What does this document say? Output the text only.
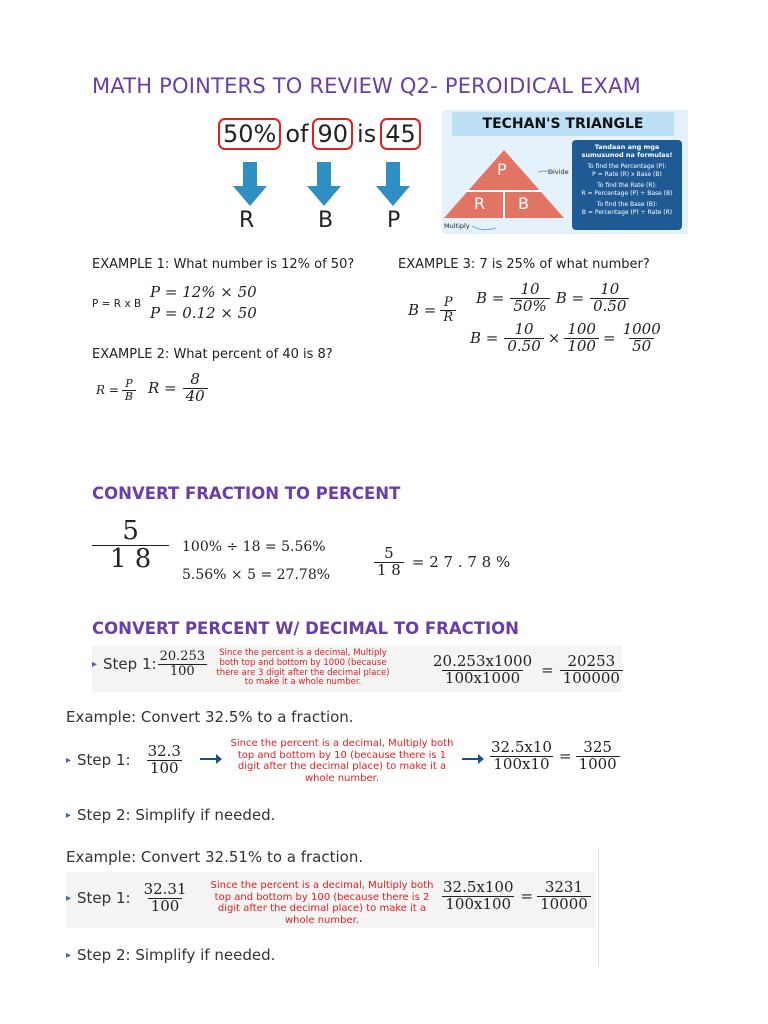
MATH POINTERS TO REVIEW Q2- PEROIDICAL EXAM
50% of 90 is 45
R	B P
TECHAN'S TRIANGLE
P
R B
Divide
Multiply
Tandaan ang mga sumusunod na formulas!
To find the Percentage (P):
P = Rate (R) x Base (B)
To find the Rate (R):
R = Percentage (P) ÷ Base (B)
To find the Base (B):
B = Percentage (P) ÷ Rate (R)
EXAMPLE 1: What number is 12% of 50?
P = R x B
P = 12% × 50
P = 0.12 × 50
EXAMPLE 3: 7 is 25% of what number?
$B = \frac{P}{R}$ $B = \frac{10}{50\%}$ $B = \frac{10}{0.50}$
$B = \frac{10}{0.50} \times \frac{100}{100} = \frac{1000}{50}$
EXAMPLE 2: What percent of 40 is 8?
$R = \frac{P}{B}$ $R = \frac{8}{40}$
CONVERT FRACTION TO PERCENT
$\frac{5}{1 8} 100\% \div 18 = 5.56\%$
5.56% × 5 = 27.78%	$\frac{5}{1 8} = 2$ 7 . 7 8 %
CONVERT PERCENT W/ DECIMAL TO FRACTION
▸ Step 1: $\frac{20.253}{100}$	Since the percent is a decimal, Multiply both top and bottom by 1000 (because there are 3 digit after the decimal place) to make it a whole number.	$\frac{20.253x1000}{100x1000} = \frac{20253}{100000}$
Example: Convert 32.5% to a fraction.
▸ Step 1: $\frac{32.3}{100}$
Since the percent is a decimal, Multiply both top and bottom by 10 (because there is 1 digit after the decimal place) to make it a whole number.
$\frac{32.5x10}{100x10} = \frac{325}{1000}$
▸ Step 2: Simplify if needed.
Example: Convert 32.51% to a fraction.
▸ Step 1: $\frac{32.31}{100}$	Since the percent is a decimal, Multiply both top and bottom by 100 (because there is 2 digit after the decimal place) to make it a whole number.
$\frac{32.5x100}{100x100} = \frac{3231}{10000}$
▸ Step 2: Simplify if needed.
